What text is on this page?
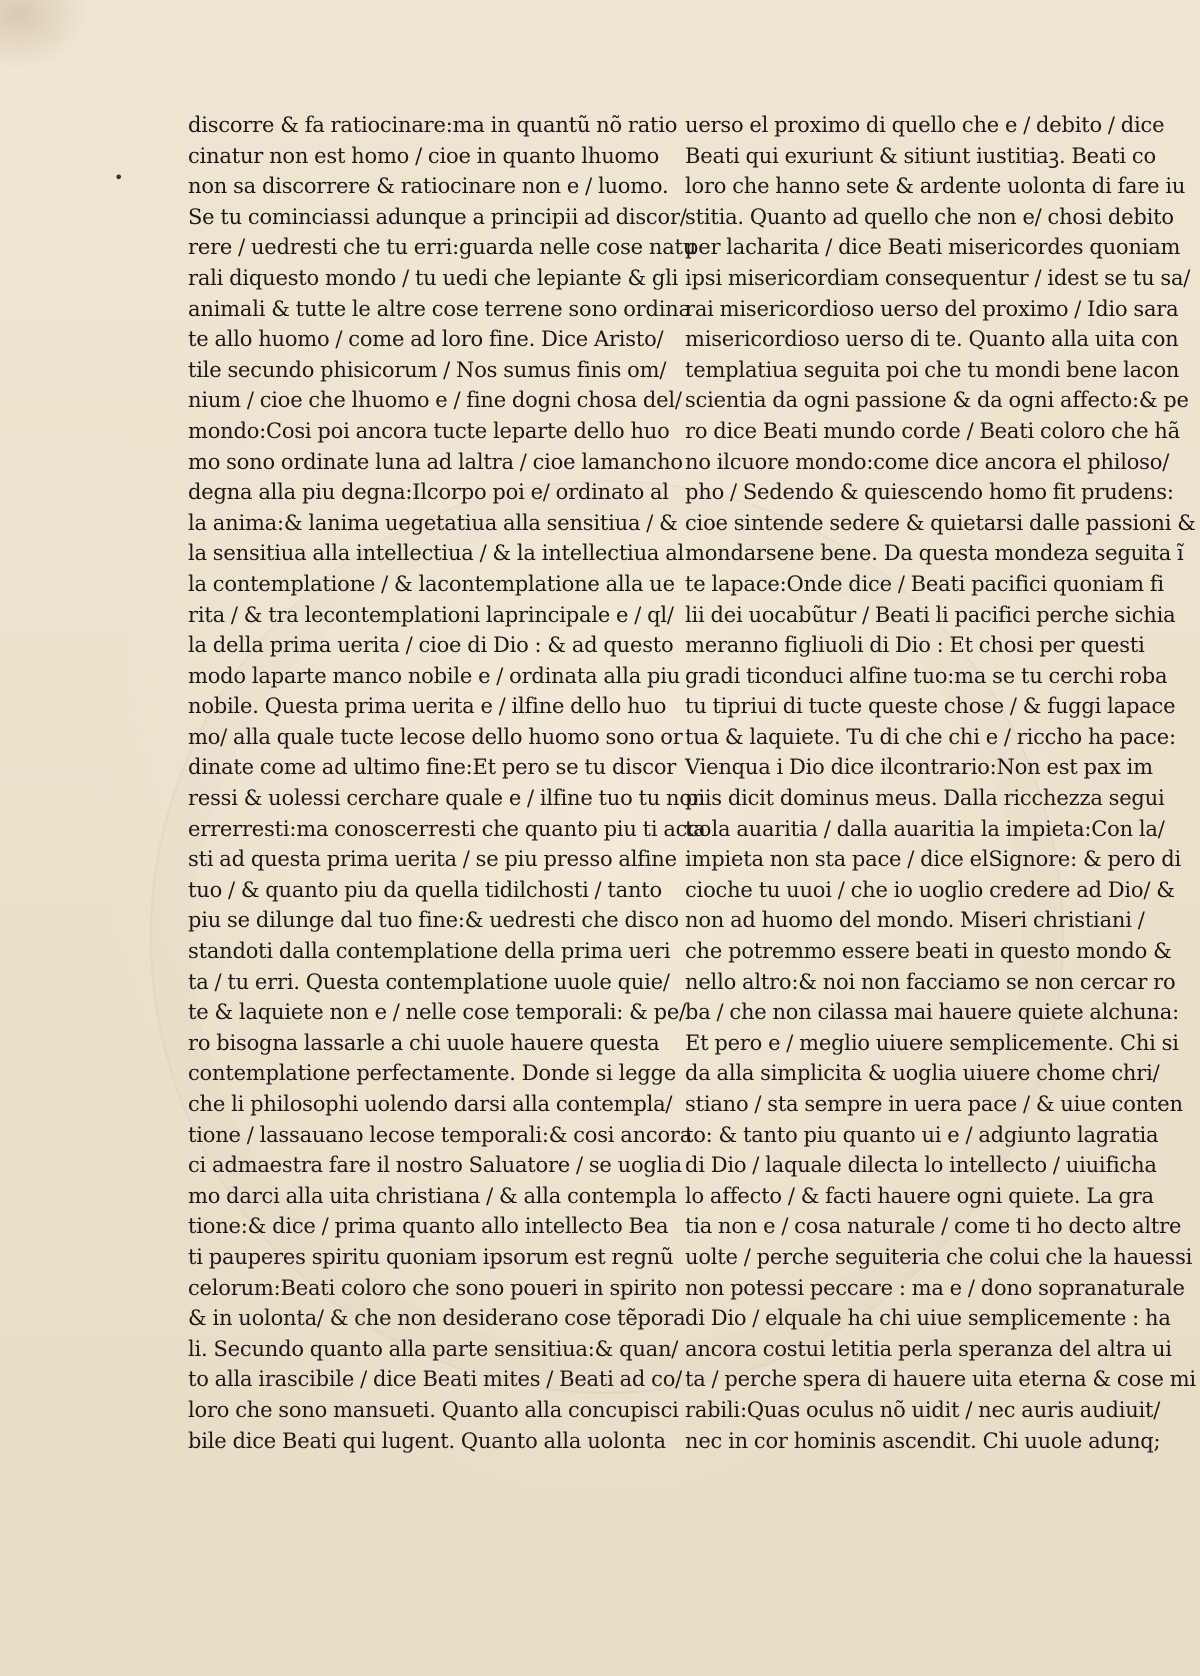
•
discorre & fa ratiocinare:ma in quantũ nõ ratio
cinatur non est homo / cioe in quanto lhuomo
non sa discorrere & ratiocinare non e / luomo.
Se tu cominciassi adunque a principii ad discor/
rere / uedresti che tu erri:guarda nelle cose natu
rali diquesto mondo / tu uedi che lepiante & gli
animali & tutte le altre cose terrene sono ordina
te allo huomo / come ad loro fine. Dice Aristo/
tile secundo phisicorum / Nos sumus finis om/
nium / cioe che lhuomo e / fine dogni chosa del/
mondo:Cosi poi ancora tucte leparte dello huo
mo sono ordinate luna ad laltra / cioe lamancho
degna alla piu degna:Ilcorpo poi e/ ordinato al
la anima:& lanima uegetatiua alla sensitiua / &
la sensitiua alla intellectiua / & la intellectiua al
la contemplatione / & lacontemplatione alla ue
rita / & tra lecontemplationi laprincipale e / ql/
la della prima uerita / cioe di Dio : & ad questo
modo laparte manco nobile e / ordinata alla piu
nobile. Questa prima uerita e / ilfine dello huo
mo/ alla quale tucte lecose dello huomo sono or
dinate come ad ultimo fine:Et pero se tu discor
ressi & uolessi cerchare quale e / ilfine tuo tu non
errerresti:ma conoscerresti che quanto piu ti acco
sti ad questa prima uerita / se piu presso alfine
tuo / & quanto piu da quella tidilchosti / tanto
piu se dilunge dal tuo fine:& uedresti che disco
standoti dalla contemplatione della prima ueri
ta / tu erri. Questa contemplatione uuole quie/
te & laquiete non e / nelle cose temporali: & pe/
ro bisogna lassarle a chi uuole hauere questa
contemplatione perfectamente. Donde si legge
che li philosophi uolendo darsi alla contempla/
tione / lassauano lecose temporali:& cosi ancora
ci admaestra fare il nostro Saluatore / se uoglia
mo darci alla uita christiana / & alla contempla
tione:& dice / prima quanto allo intellecto Bea
ti pauperes spiritu quoniam ipsorum est regnũ
celorum:Beati coloro che sono poueri in spirito
& in uolonta/ & che non desiderano cose tẽpora
li. Secundo quanto alla parte sensitiua:& quan/
to alla irascibile / dice Beati mites / Beati ad co/
loro che sono mansueti. Quanto alla concupisci
bile dice Beati qui lugent. Quanto alla uolonta
uerso el proximo di quello che e / debito / dice
Beati qui exuriunt & sitiunt iustitiaꝫ. Beati co
loro che hanno sete & ardente uolonta di fare iu
stitia. Quanto ad quello che non e/ chosi debito
per lacharita / dice Beati misericordes quoniam
ipsi misericordiam consequentur / idest se tu sa/
rai misericordioso uerso del proximo / Idio sara
misericordioso uerso di te. Quanto alla uita con
templatiua seguita poi che tu mondi bene lacon
scientia da ogni passione & da ogni affecto:& pe
ro dice Beati mundo corde / Beati coloro che hã
no ilcuore mondo:come dice ancora el philoso/
pho / Sedendo & quiescendo homo fit prudens:
cioe sintende sedere & quietarsi dalle passioni &
mondarsene bene. Da questa mondeza seguita ĩ
te lapace:Onde dice / Beati pacifici quoniam fi
lii dei uocabũtur / Beati li pacifici perche sichia
meranno figliuoli di Dio : Et chosi per questi
gradi ticonduci alfine tuo:ma se tu cerchi roba
tu tipriui di tucte queste chose / & fuggi lapace
tua & laquiete. Tu di che chi e / riccho ha pace:
Vienqua i Dio dice ilcontrario:Non est pax im
piis dicit dominus meus. Dalla ricchezza segui
ta la auaritia / dalla auaritia la impieta:Con la/
impieta non sta pace / dice elSignore: & pero di
cioche tu uuoi / che io uoglio credere ad Dio/ &
non ad huomo del mondo. Miseri christiani /
che potremmo essere beati in questo mondo &
nello altro:& noi non facciamo se non cercar ro
ba / che non cilassa mai hauere quiete alchuna:
Et pero e / meglio uiuere semplicemente. Chi si
da alla simplicita & uoglia uiuere chome chri/
stiano / sta sempre in uera pace / & uiue conten
to: & tanto piu quanto ui e / adgiunto lagratia
di Dio / laquale dilecta lo intellecto / uiuificha
lo affecto / & facti hauere ogni quiete. La gra
tia non e / cosa naturale / come ti ho decto altre
uolte / perche seguiteria che colui che la hauessi
non potessi peccare : ma e / dono sopranaturale
di Dio / elquale ha chi uiue semplicemente : ha
ancora costui letitia perla speranza del altra ui
ta / perche spera di hauere uita eterna & cose mi
rabili:Quas oculus nõ uidit / nec auris audiuit/
nec in cor hominis ascendit. Chi uuole adunq;
